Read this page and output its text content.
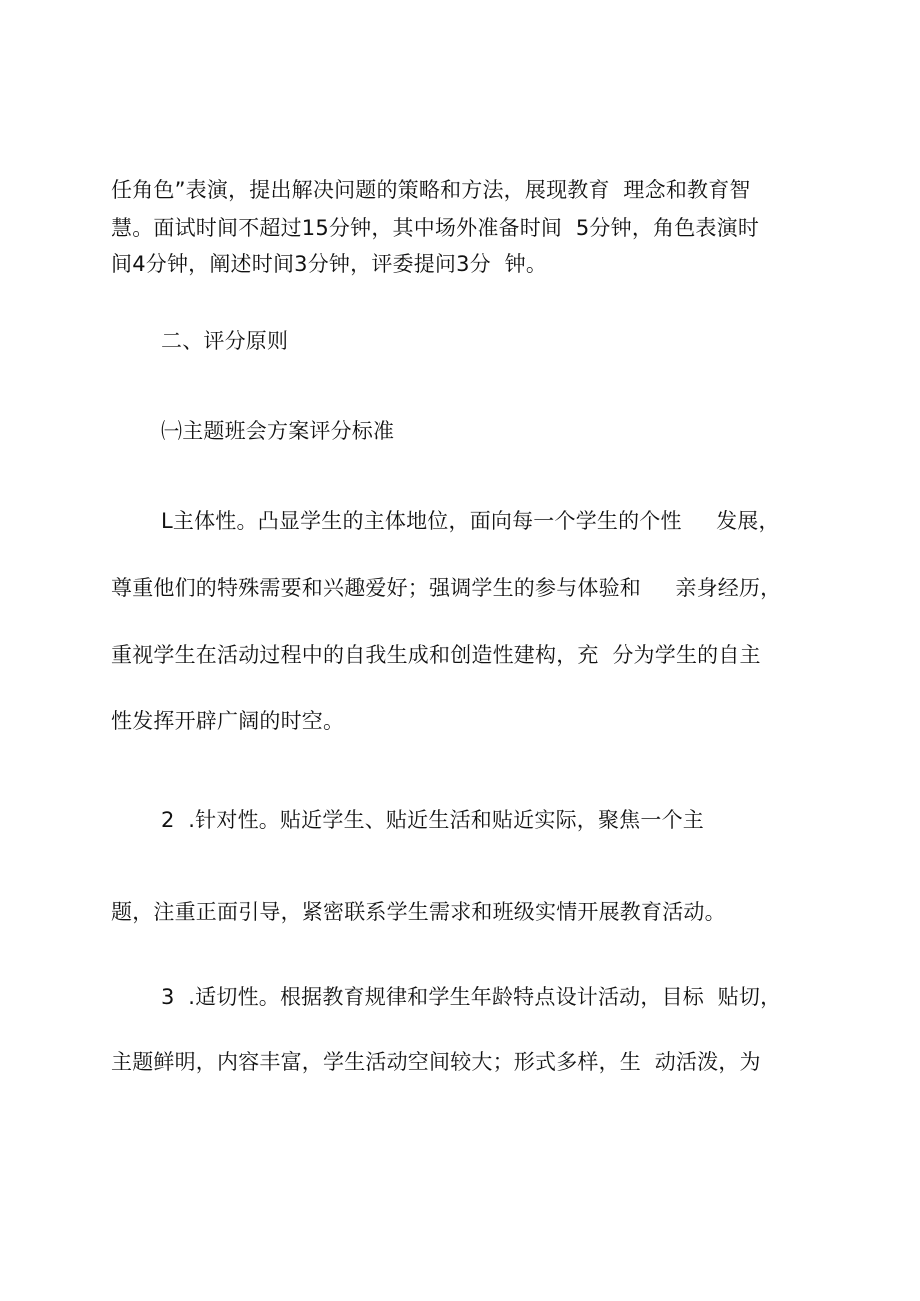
任角色”表演，提出解决问题的策略和方法，展现教育  理念和教育智
慧。面试时间不超过15分钟，其中场外准备时间  5分钟，角色表演时
间4分钟，阐述时间3分钟，评委提问3分  钟。
二、评分原则
㈠主题班会方案评分标准
L主体性。凸显学生的主体地位，面向每一个学生的个性     发展，
尊重他们的特殊需要和兴趣爱好；强调学生的参与体验和     亲身经历，
重视学生在活动过程中的自我生成和创造性建构，充  分为学生的自主
性发挥开辟广阔的时空。
2  .针对性。贴近学生、贴近生活和贴近实际，聚焦一个主
题，注重正面引导，紧密联系学生需求和班级实情开展教育活动。
3  .适切性。根据教育规律和学生年龄特点设计活动，目标  贴切，
主题鲜明，内容丰富，学生活动空间较大；形式多样，生  动活泼，为
